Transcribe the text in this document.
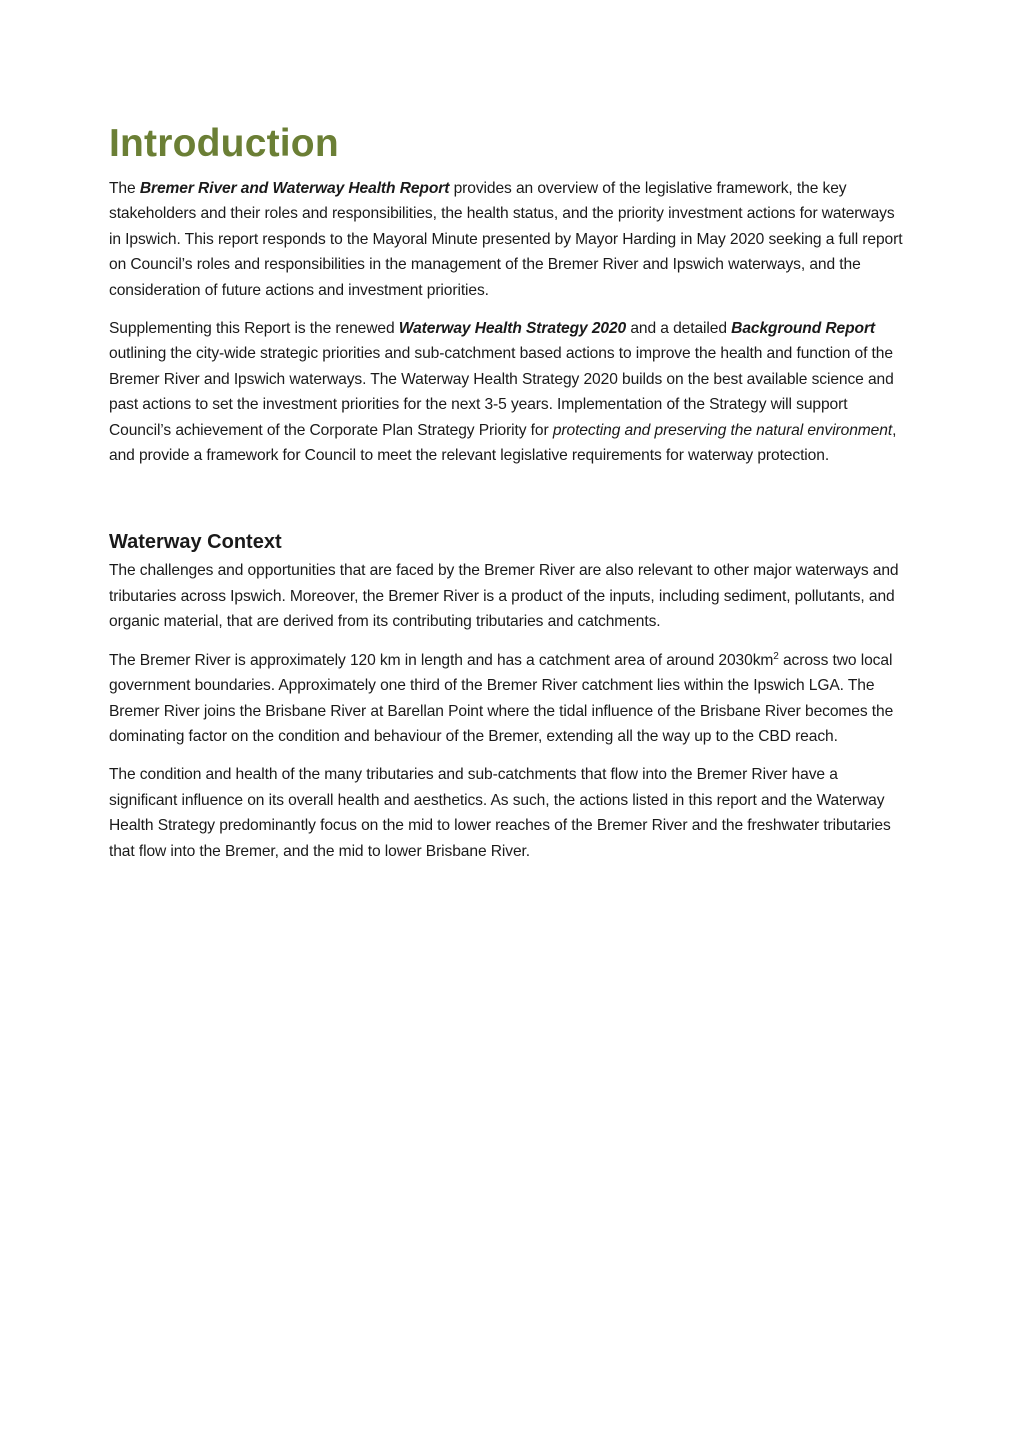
Introduction

The Bremer River and Waterway Health Report provides an overview of the legislative framework, the key stakeholders and their roles and responsibilities, the health status, and the priority investment actions for waterways in Ipswich. This report responds to the Mayoral Minute presented by Mayor Harding in May 2020 seeking a full report on Council’s roles and responsibilities in the management of the Bremer River and Ipswich waterways, and the consideration of future actions and investment priorities.

Supplementing this Report is the renewed Waterway Health Strategy 2020 and a detailed Background Report outlining the city-wide strategic priorities and sub-catchment based actions to improve the health and function of the Bremer River and Ipswich waterways. The Waterway Health Strategy 2020 builds on the best available science and past actions to set the investment priorities for the next 3-5 years. Implementation of the Strategy will support Council’s achievement of the Corporate Plan Strategy Priority for protecting and preserving the natural environment, and provide a framework for Council to meet the relevant legislative requirements for waterway protection.

Waterway Context

The challenges and opportunities that are faced by the Bremer River are also relevant to other major waterways and tributaries across Ipswich. Moreover, the Bremer River is a product of the inputs, including sediment, pollutants, and organic material, that are derived from its contributing tributaries and catchments.

The Bremer River is approximately 120 km in length and has a catchment area of around $2030km^2$ across two local government boundaries. Approximately one third of the Bremer River catchment lies within the Ipswich LGA. The Bremer River joins the Brisbane River at Barellan Point where the tidal influence of the Brisbane River becomes the dominating factor on the condition and behaviour of the Bremer, extending all the way up to the CBD reach.

The condition and health of the many tributaries and sub-catchments that flow into the Bremer River have a significant influence on its overall health and aesthetics. As such, the actions listed in this report and the Waterway Health Strategy predominantly focus on the mid to lower reaches of the Bremer River and the freshwater tributaries that flow into the Bremer, and the mid to lower Brisbane River.
